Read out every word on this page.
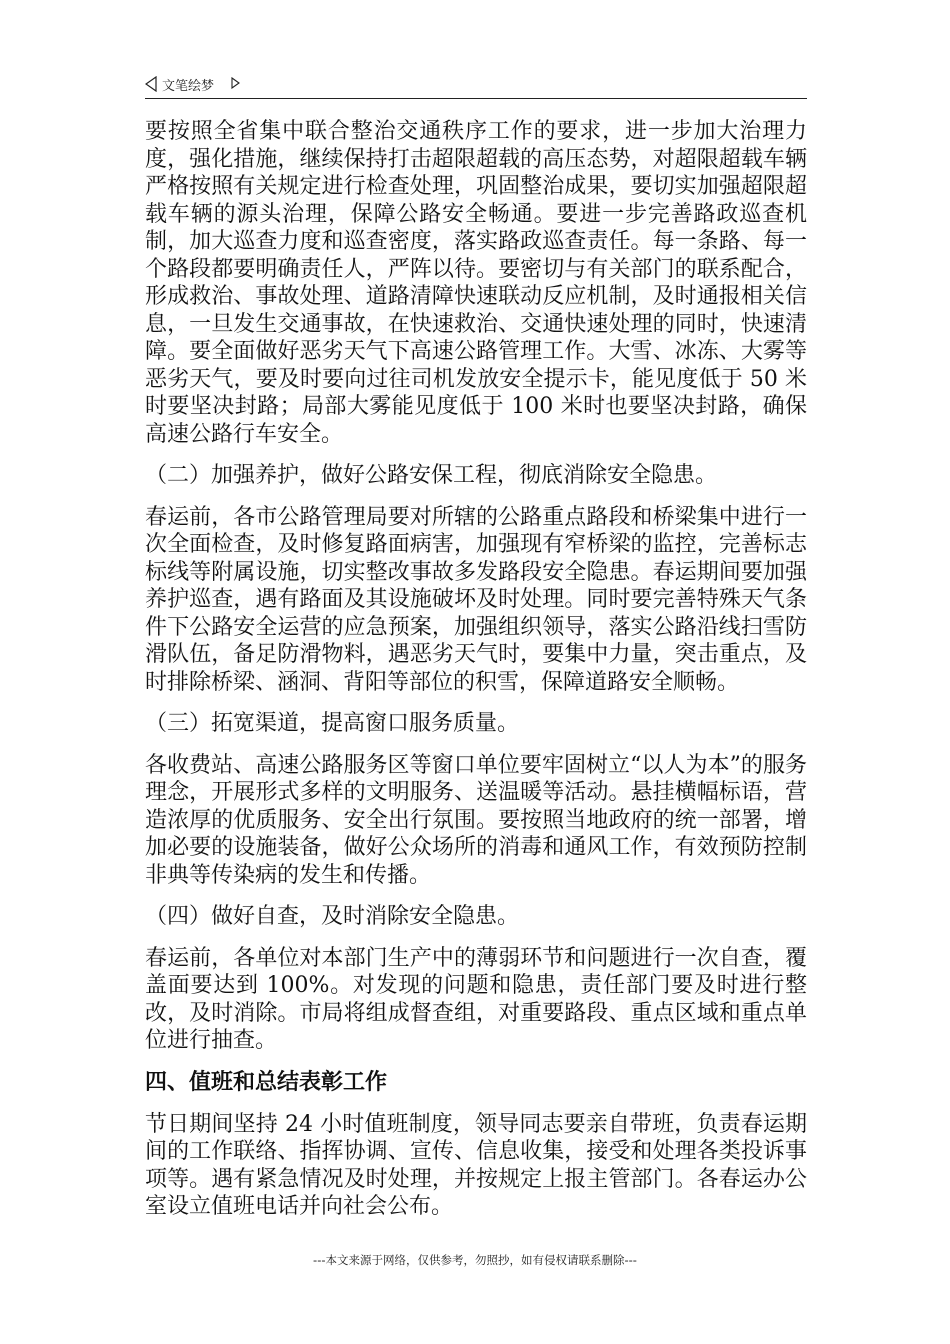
文笔绘梦

要按照全省集中联合整治交通秩序工作的要求，进一步加大治理力度，强化措施，继续保持打击超限超载的高压态势，对超限超载车辆严格按照有关规定进行检查处理，巩固整治成果，要切实加强超限超载车辆的源头治理，保障公路安全畅通。要进一步完善路政巡查机制，加大巡查力度和巡查密度，落实路政巡查责任。每一条路、每一个路段都要明确责任人，严阵以待。要密切与有关部门的联系配合，形成救治、事故处理、道路清障快速联动反应机制，及时通报相关信息，一旦发生交通事故，在快速救治、交通快速处理的同时，快速清障。要全面做好恶劣天气下高速公路管理工作。大雪、冰冻、大雾等恶劣天气，要及时要向过往司机发放安全提示卡，能见度低于 50 米时要坚决封路；局部大雾能见度低于 100 米时也要坚决封路，确保高速公路行车安全。

（二）加强养护，做好公路安保工程，彻底消除安全隐患。

春运前，各市公路管理局要对所辖的公路重点路段和桥梁集中进行一次全面检查，及时修复路面病害，加强现有窄桥梁的监控，完善标志标线等附属设施，切实整改事故多发路段安全隐患。春运期间要加强养护巡查，遇有路面及其设施破坏及时处理。同时要完善特殊天气条件下公路安全运营的应急预案，加强组织领导，落实公路沿线扫雪防滑队伍，备足防滑物料，遇恶劣天气时，要集中力量，突击重点，及时排除桥梁、涵洞、背阳等部位的积雪，保障道路安全顺畅。

（三）拓宽渠道，提高窗口服务质量。

各收费站、高速公路服务区等窗口单位要牢固树立“以人为本”的服务理念，开展形式多样的文明服务、送温暖等活动。悬挂横幅标语，营造浓厚的优质服务、安全出行氛围。要按照当地政府的统一部署，增加必要的设施装备，做好公众场所的消毒和通风工作，有效预防控制非典等传染病的发生和传播。

（四）做好自查，及时消除安全隐患。

春运前，各单位对本部门生产中的薄弱环节和问题进行一次自查，覆盖面要达到 100%。对发现的问题和隐患，责任部门要及时进行整改，及时消除。市局将组成督查组，对重要路段、重点区域和重点单位进行抽查。

四、值班和总结表彰工作

节日期间坚持 24 小时值班制度，领导同志要亲自带班，负责春运期间的工作联络、指挥协调、宣传、信息收集，接受和处理各类投诉事项等。遇有紧急情况及时处理，并按规定上报主管部门。各春运办公室设立值班电话并向社会公布。

---本文来源于网络，仅供参考，勿照抄，如有侵权请联系删除---
